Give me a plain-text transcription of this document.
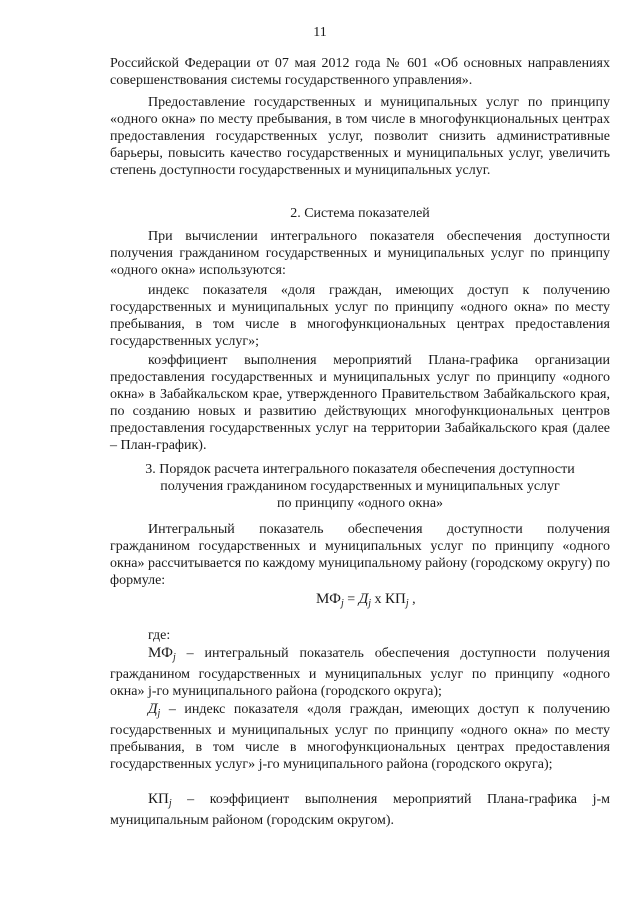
11

Российской Федерации от 07 мая 2012 года № 601 «Об основных направлениях совершенствования системы государственного управления».

Предоставление государственных и муниципальных услуг по принципу «одного окна» по месту пребывания, в том числе в многофункциональных центрах предоставления государственных услуг, позволит снизить административные барьеры, повысить качество государственных и муниципальных услуг, увеличить степень доступности государственных и муниципальных услуг.

2. Система показателей

При вычислении интегрального показателя обеспечения доступности получения гражданином государственных и муниципальных услуг по принципу «одного окна» используются:

индекс показателя «доля граждан, имеющих доступ к получению государственных и муниципальных услуг по принципу «одного окна» по месту пребывания, в том числе в многофункциональных центрах предоставления государственных услуг»;

коэффициент выполнения мероприятий Плана-графика организации предоставления государственных и муниципальных услуг по принципу «одного окна» в Забайкальском крае, утвержденного Правительством Забайкальского края, по созданию новых и развитию действующих многофункциональных центров предоставления государственных услуг на территории Забайкальского края (далее – План-график).

3. Порядок расчета интегрального показателя обеспечения доступности

получения гражданином государственных и муниципальных услуг

по принципу «одного окна»

Интегральный показатель обеспечения доступности получения гражданином государственных и муниципальных услуг по принципу «одного окна» рассчитывается по каждому муниципальному району (городскому округу) по формуле:

$МФ_j = Д_j$ x $КП_j$ ,

где:

$МФ_j$ – интегральный показатель обеспечения доступности получения гражданином государственных и муниципальных услуг по принципу «одного окна» j-го муниципального района (городского округа);

$Д_j$ – индекс показателя «доля граждан, имеющих доступ к получению государственных и муниципальных услуг по принципу «одного окна» по месту пребывания, в том числе в многофункциональных центрах предоставления государственных услуг» j-го муниципального района (городского округа);

$КП_j$ – коэффициент выполнения мероприятий Плана-графика j-м муниципальным районом (городским округом).
